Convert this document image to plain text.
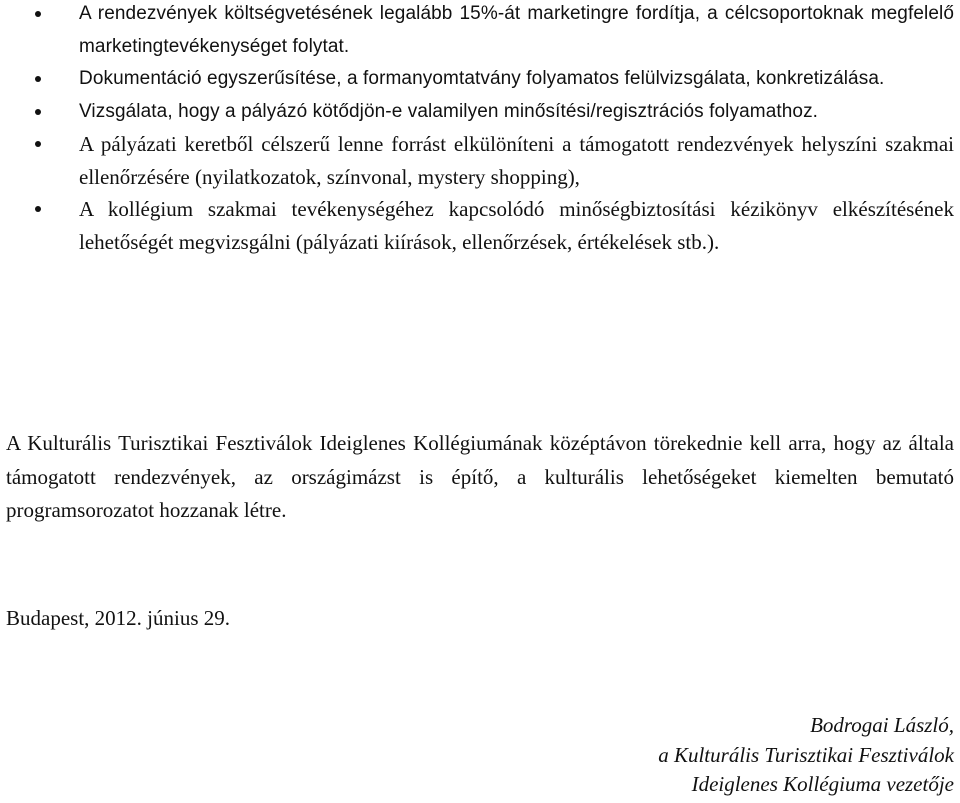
A rendezvények költségvetésének legalább 15%-át marketingre fordítja, a célcsoportoknak megfelelő marketingtevékenységet folytat.
Dokumentáció egyszerűsítése, a formanyomtatvány folyamatos felülvizsgálata, konkretizálása.
Vizsgálata, hogy a pályázó kötődjön-e valamilyen minősítési/regisztrációs folyamathoz.
A pályázati keretből célszerű lenne forrást elkülöníteni a támogatott rendezvények helyszíni szakmai ellenőrzésére (nyilatkozatok, színvonal, mystery shopping),
A kollégium szakmai tevékenységéhez kapcsolódó minőségbiztosítási kézikönyv elkészítésének lehetőségét megvizsgálni (pályázati kiírások, ellenőrzések, értékelések stb.).

A Kulturális Turisztikai Fesztiválok Ideiglenes Kollégiumának középtávon törekednie kell arra, hogy az általa támogatott rendezvények, az országimázst is építő, a kulturális lehetőségeket kiemelten bemutató programsorozatot hozzanak létre.

Budapest, 2012. június 29.

Bodrogai László,
a Kulturális Turisztikai Fesztiválok
Ideiglenes Kollégiuma vezetője
